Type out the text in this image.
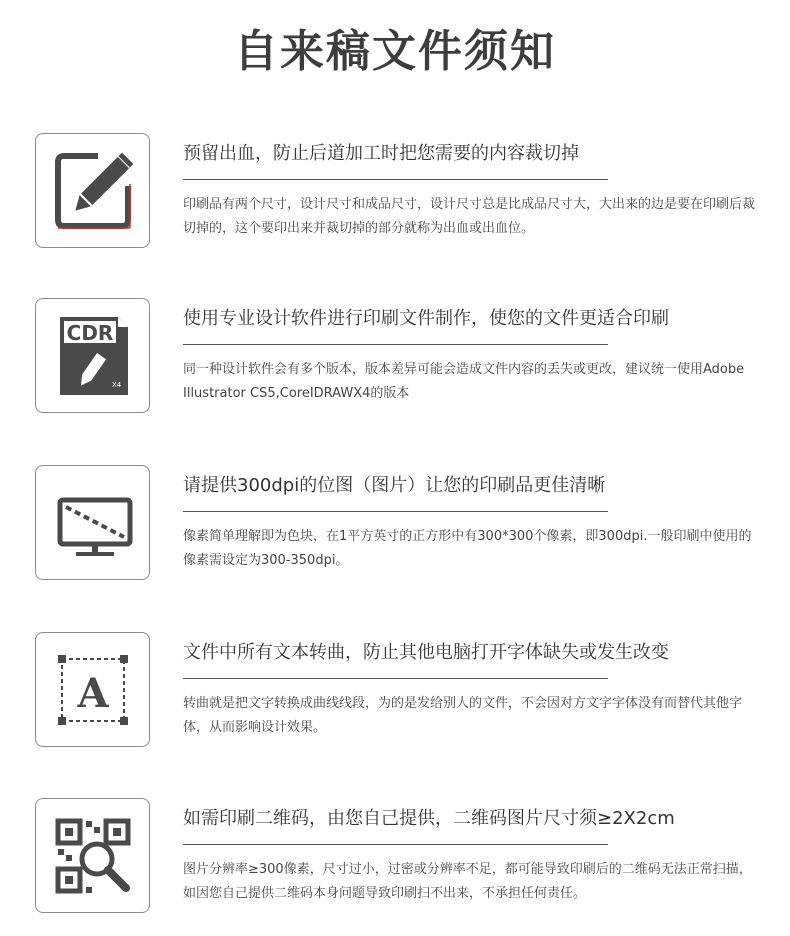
自来稿文件须知
预留出血，防止后道加工时把您需要的内容裁切掉
印刷品有两个尺寸，设计尺寸和成品尺寸，设计尺寸总是比成品尺寸大，大出来的边是要在印刷后裁切掉的，这个要印出来并裁切掉的部分就称为出血或出血位。
CDR
X4
使用专业设计软件进行印刷文件制作，使您的文件更适合印刷
同一种设计软件会有多个版本，版本差异可能会造成文件内容的丢失或更改，建议统一使用Adobe Illustrator CS5,CoreIDRAWX4的版本
请提供300dpi的位图（图片）让您的印刷品更佳清晰
像素简单理解即为色块，在1平方英寸的正方形中有300*300个像素，即300dpi.一般印刷中使用的像素需设定为300-350dpi。
A
文件中所有文本转曲，防止其他电脑打开字体缺失或发生改变
转曲就是把文字转换成曲线线段，为的是发给别人的文件，不会因对方文字字体没有而替代其他字体，从而影响设计效果。
如需印刷二维码，由您自己提供，二维码图片尺寸须≥2X2cm
图片分辨率≥300像素，尺寸过小，过密或分辨率不足，都可能导致印刷后的二维码无法正常扫描，如因您自己提供二维码本身问题导致印刷扫不出来，不承担任何责任。
